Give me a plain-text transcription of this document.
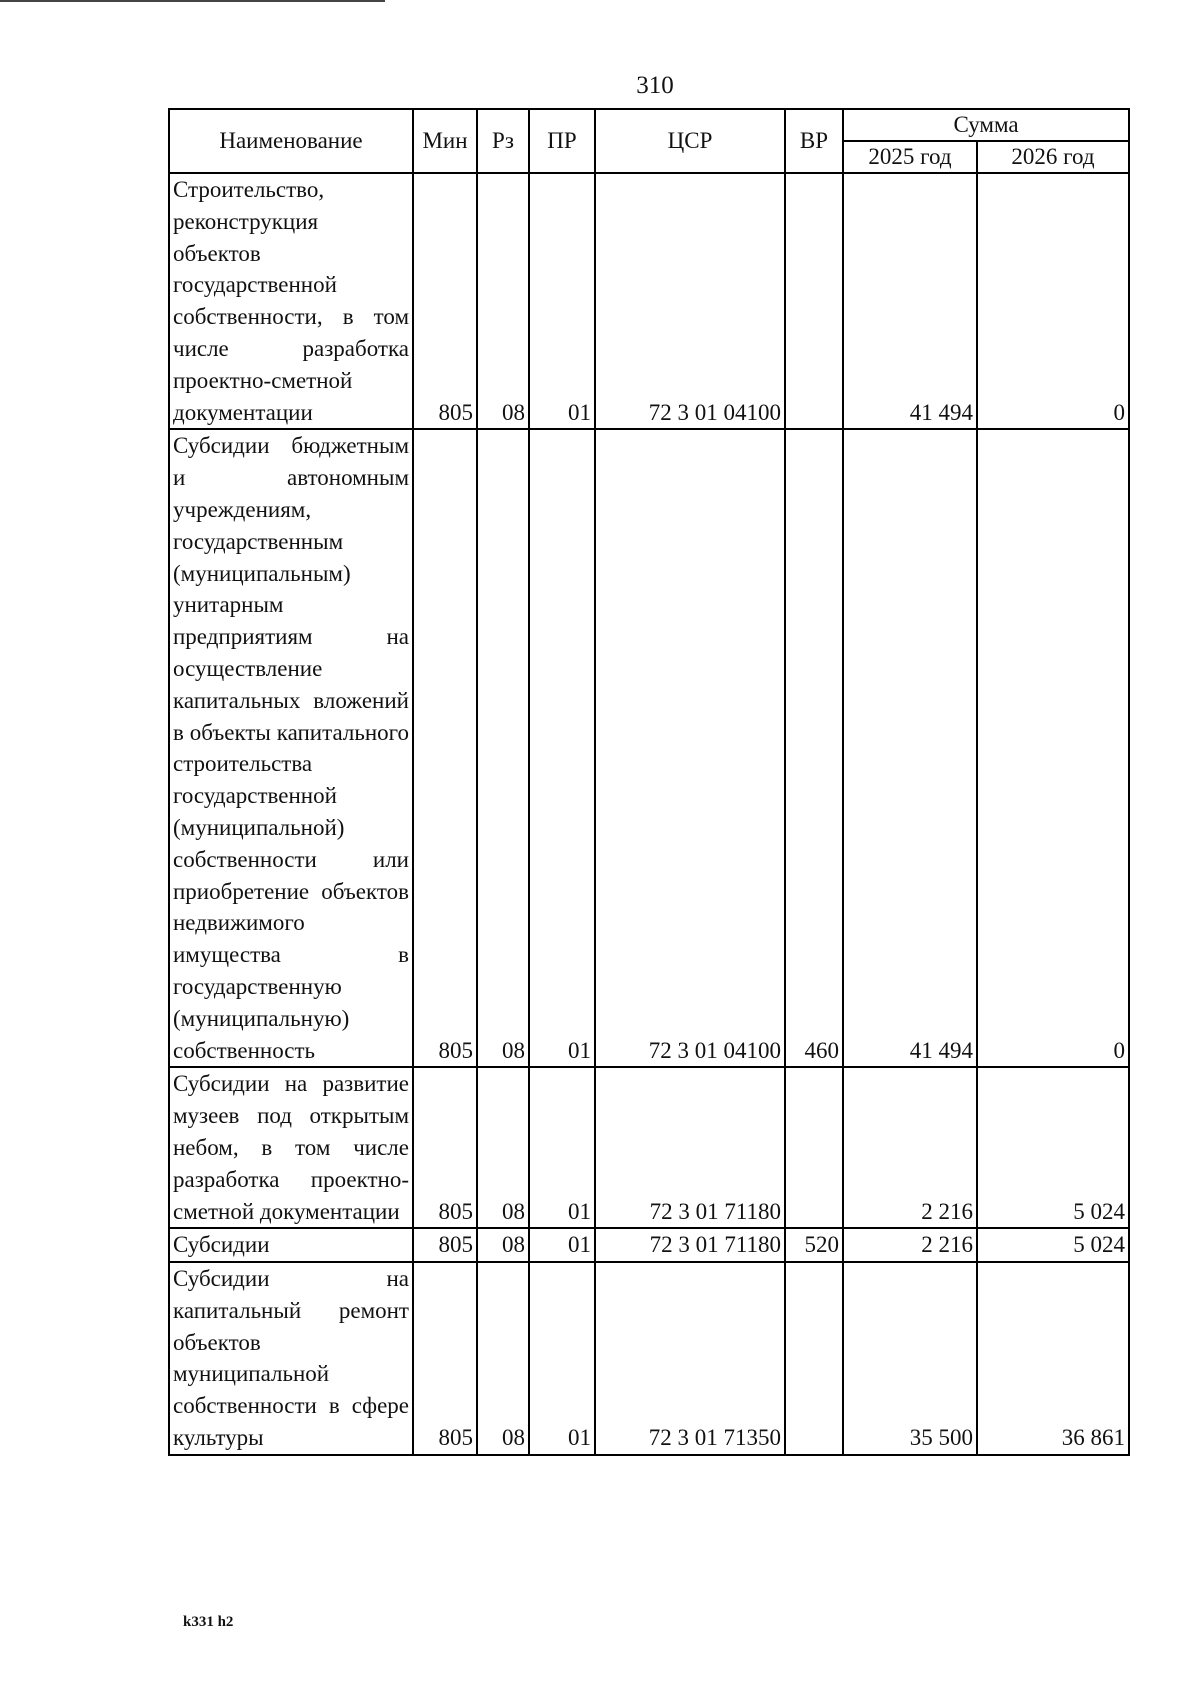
310
Наименование	Мин	Рз	ПР	ЦСР	ВР	Сумма	
						2025 год	2026 год
Строительство, реконструкция объектов государственной собственности, в том числе разработка проектно-сметной документации	805	08	01	72 3 01 04100		41 494	0
Субсидии бюджетным и автономным учреждениям, государственным (муниципальным) унитарным предприятиям на осуществление капитальных вложений в объекты капитального строительства государственной (муниципальной) собственности или приобретение объектов недвижимого имущества в государственную (муниципальную) собственность	805	08	01	72 3 01 04100	460	41 494	0
Субсидии на развитие музеев под открытым небом, в том числе разработка проектно-сметной документации	805	08	01	72 3 01 71180		2 216	5 024
Субсидии	805	08	01	72 3 01 71180	520	2 216	5 024
Субсидии на капитальный ремонт объектов муниципальной собственности в сфере культуры	805	08	01	72 3 01 71350		35 500	36 861
k331 h2
